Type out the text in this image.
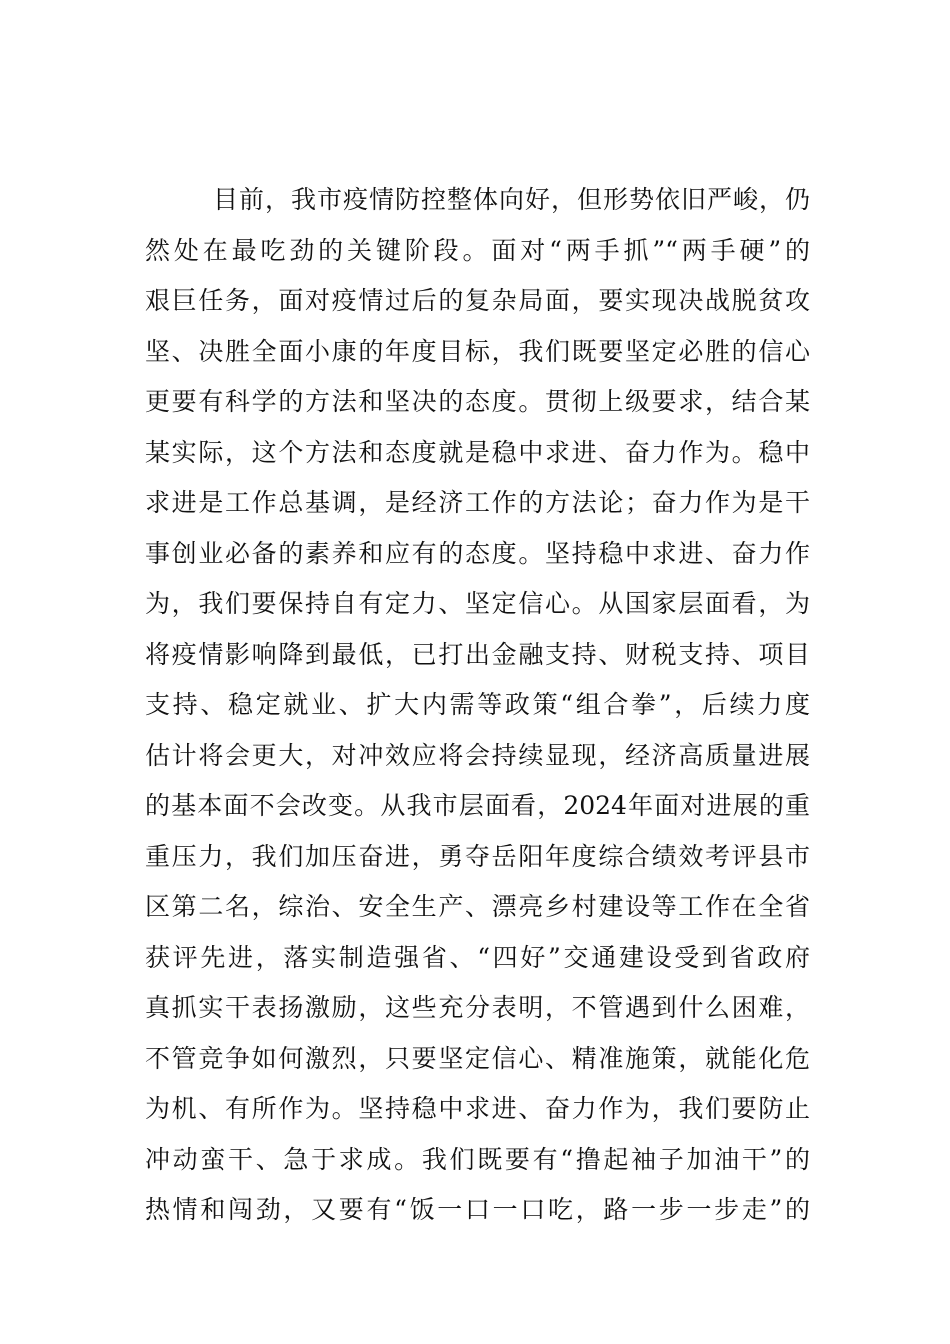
目前，我市疫情防控整体向好，但形势依旧严峻，仍
然处在最吃劲的关键阶段。面对“两手抓”“两手硬”的
艰巨任务，面对疫情过后的复杂局面，要实现决战脱贫攻
坚、决胜全面小康的年度目标，我们既要坚定必胜的信心
更要有科学的方法和坚决的态度。贯彻上级要求，结合某
某实际，这个方法和态度就是稳中求进、奋力作为。稳中
求进是工作总基调，是经济工作的方法论；奋力作为是干
事创业必备的素养和应有的态度。坚持稳中求进、奋力作
为，我们要保持自有定力、坚定信心。从国家层面看，为
将疫情影响降到最低，已打出金融支持、财税支持、项目
支持、稳定就业、扩大内需等政策“组合拳”，后续力度
估计将会更大，对冲效应将会持续显现，经济高质量进展
的基本面不会改变。从我市层面看，2024年面对进展的重
重压力，我们加压奋进，勇夺岳阳年度综合绩效考评县市
区第二名，综治、安全生产、漂亮乡村建设等工作在全省
获评先进，落实制造强省、“四好”交通建设受到省政府
真抓实干表扬激励，这些充分表明，不管遇到什么困难，
不管竞争如何激烈，只要坚定信心、精准施策，就能化危
为机、有所作为。坚持稳中求进、奋力作为，我们要防止
冲动蛮干、急于求成。我们既要有“撸起袖子加油干”的
热情和闯劲，又要有“饭一口一口吃，路一步一步走”的
